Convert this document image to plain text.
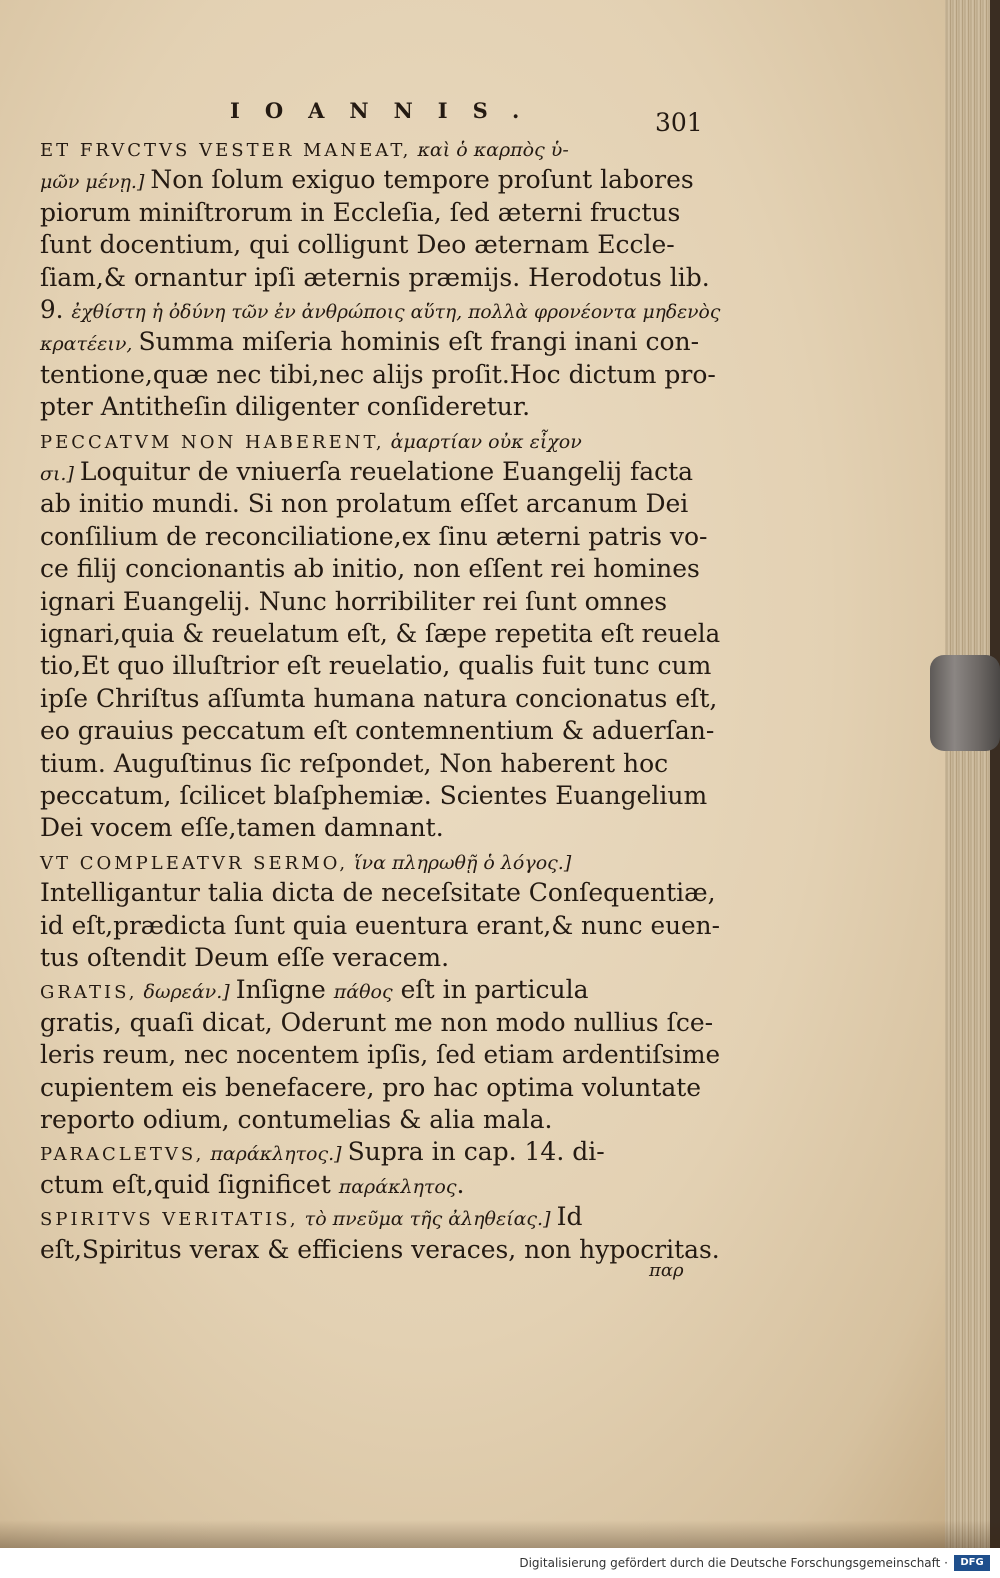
IOANNIS.	301
ET FRVCTVS VESTER MANEAT, καὶ ὁ καρπὸς ὑ-
μῶν μένῃ.] Non ſolum exiguo tempore proſunt labores
piorum miniſtrorum in Eccleſia, ſed æterni fructus
ſunt docentium, qui colligunt Deo æternam Eccle-
ſiam,& ornantur ipſi æternis præmijs. Herodotus lib.
9. ἐχθίστη ἡ ὀδύνη τῶν ἐν ἀνθρώποις αὕτη, πολλὰ φρονέοντα μηδενὸς
κρατέειν, Summa miſeria hominis eſt frangi inani con-
tentione,quæ nec tibi,nec alijs proſit.Hoc dictum pro-
pter Antitheſin diligenter conſideretur.
PECCATVM NON HABERENT, ἁμαρτίαν οὐκ εἶχον
σι.] Loquitur de vniuerſa reuelatione Euangelij facta
ab initio mundi. Si non prolatum eſſet arcanum Dei
conſilium de reconciliatione,ex ſinu æterni patris vo-
ce filij concionantis ab initio, non eſſent rei homines
ignari Euangelij. Nunc horribiliter rei ſunt omnes
ignari,quia & reuelatum eſt, & ſæpe repetita eſt reuela
tio,Et quo illuſtrior eſt reuelatio, qualis fuit tunc cum
ipſe Chriſtus aſſumta humana natura concionatus eſt,
eo grauius peccatum eſt contemnentium & aduerſan-
tium. Auguſtinus ſic reſpondet, Non haberent hoc
peccatum, ſcilicet blaſphemiæ. Scientes Euangelium
Dei vocem eſſe,tamen damnant.
VT COMPLEATVR SERMO, ἵνα πληρωθῇ ὁ λόγος.]
Intelligantur talia dicta de neceſsitate Conſequentiæ,
id eſt,prædicta ſunt quia euentura erant,& nunc euen-
tus oſtendit Deum eſſe veracem.
GRATIS, δωρεάν.] Inſigne πάθος eſt in particula
gratis, quaſi dicat, Oderunt me non modo nullius ſce-
leris reum, nec nocentem ipſis, ſed etiam ardentiſsime
cupientem eis benefacere, pro hac optima voluntate
reporto odium, contumelias & alia mala.
PARACLETVS, παράκλητος.] Supra in cap. 14. di-
ctum eſt,quid ſignificet παράκλητος.
SPIRITVS VERITATIS, τὸ πνεῦμα τῆς ἀληθείας.] Id
eſt,Spiritus verax & efficiens veraces, non hypocritas.
παρ
Digitalisierung gefördert durch die Deutsche Forschungsgemeinschaft ·	DFG
